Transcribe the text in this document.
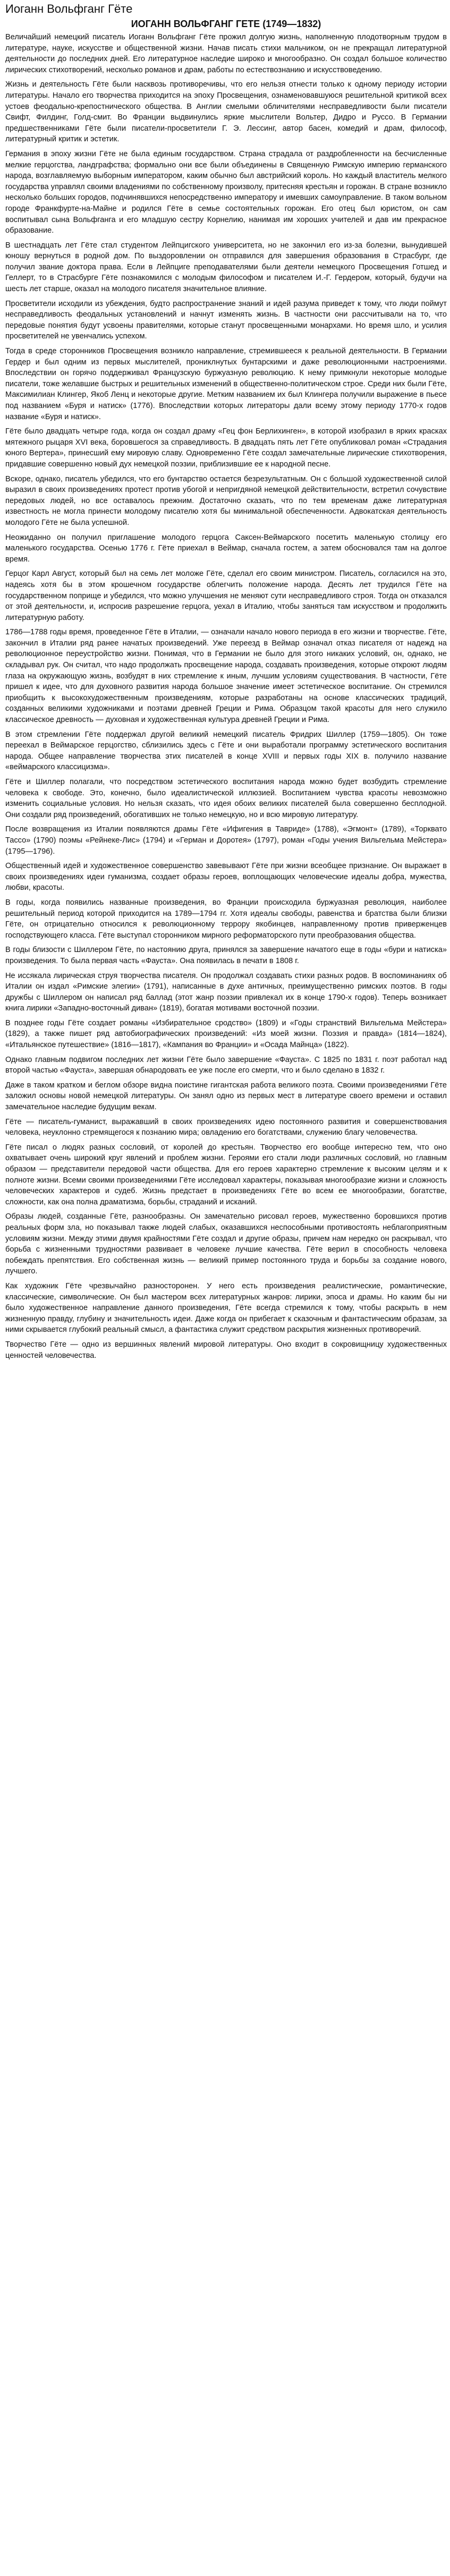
Иоганн Вольфганг Гёте
ИОГАНН ВОЛЬФГАНГ ГЕТЕ (1749—1832)

Величайший немецкий писатель Иоганн Вольфганг Гёте прожил долгую жизнь, наполненную плодотворным трудом в литературе, науке, искусстве и общественной жизни. Начав писать стихи мальчиком, он не прекращал литературной деятельности до последних дней. Его литературное наследие широко и многообразно. Он создал большое количество лирических стихотворений, несколько романов и драм, работы по естествознанию и искусствоведению.

Жизнь и деятельность Гёте были насквозь противоречивы, что его нельзя отнести только к одному периоду истории литературы. Начало его творчества приходится на эпоху Просвещения, ознаменовавшуюся решительной критикой всех устоев феодально-крепостнического общества. В Англии смелыми обличителями несправедливости были писатели Свифт, Филдинг, Голд-смит. Во Франции выдвинулись яркие мыслители Вольтер, Дидро и Руссо. В Германии предшественниками Гёте были писатели-просветители Г. Э. Лессинг, автор басен, комедий и драм, философ, литературный критик и эстетик.

Германия в эпоху жизни Гёте не была единым государством. Страна страдала от раздробленности на бесчисленные мелкие герцогства, ландграфства; формально они все были объединены в Священную Римскую империю германского народа, возглавляемую выборным императором, каким обычно был австрийский король. Но каждый властитель мелкого государства управлял своими владениями по собственному произволу, притесняя крестьян и горожан. В стране возникло несколько больших городов, подчинявшихся непосредственно императору и имевших самоуправление. В таком вольном городе Франкфурте-на-Майне и родился Гёте в семье состоятельных горожан. Его отец был юристом, он сам воспитывал сына Вольфганга и его младшую сестру Корнелию, нанимая им хороших учителей и дав им прекрасное образование.

В шестнадцать лет Гёте стал студентом Лейпцигского университета, но не закончил его из-за болезни, вынудившей юношу вернуться в родной дом. По выздоровлении он отправился для завершения образования в Страсбург, где получил звание доктора права. Если в Лейпциге преподавателями были деятели немецкого Просвещения Готшед и Геллерт, то в Страсбурге Гёте познакомился с молодым философом и писателем И.-Г. Гердером, который, будучи на шесть лет старше, оказал на молодого писателя значительное влияние.

Просветители исходили из убеждения, будто распространение знаний и идей разума приведет к тому, что люди поймут несправедливость феодальных установлений и начнут изменять жизнь. В частности они рассчитывали на то, что передовые понятия будут усвоены правителями, которые станут просвещенными монархами. Но время шло, и усилия просветителей не увенчались успехом.

Тогда в среде сторонников Просвещения возникло направление, стремившееся к реальной деятельности. В Германии Гердер и был одним из первых мыслителей, прониклнутых бунтарскими и даже революционными настроениями. Впоследствии он горячо поддерживал Французскую буржуазную революцию. К нему примкнули некоторые молодые писатели, тоже желавшие быстрых и решительных изменений в общественно-политическом строе. Среди них были Гёте, Максимилиан Клингер, Якоб Ленц и некоторые другие. Метким названием их был Клингера получили выражение в пьесе под названием «Буря и натиск» (1776). Впоследствии которых литераторы дали всему этому периоду 1770-х годов название «Буря и натиск».

Гёте было двадцать четыре года, когда он создал драму «Гец фон Берлихинген», в которой изобразил в ярких красках мятежного рыцаря XVI века, боровшегося за справедливость. В двадцать пять лет Гёте опубликовал роман «Страдания юного Вертера», принесший ему мировую славу. Одновременно Гёте создал замечательные лирические стихотворения, придавшие совершенно новый дух немецкой поэзии, приблизившие ее к народной песне.

Вскоре, однако, писатель убедился, что его бунтарство остается безрезультатным. Он с большой художественной силой выразил в своих произведениях протест против убогой и непригдяной немецкой действительности, встретил сочувствие передовых людей, но все оставалось прежним. Достаточно сказать, что по тем временам даже литературная известность не могла принести молодому писателю хотя бы минимальной обеспеченности. Адвокатская деятельность молодого Гёте не была успешной.

Неожиданно он получил приглашение молодого герцога Саксен-Веймарского посетить маленькую столицу его маленького государства. Осенью 1776 г. Гёте приехал в Веймар, сначала гостем, а затем обосновался там на долгое время.

Герцог Карл Август, который был на семь лет моложе Гёте, сделал его своим министром. Писатель, согласился на это, надеясь хотя бы в этом крошечном государстве облегчить положение народа. Десять лет трудился Гёте на государственном поприще и убедился, что можно улучшения не меняют сути несправедливого строя. Тогда он отказался от этой деятельности, и, испросив разрешение герцога, уехал в Италию, чтобы заняться там искусством и продолжить литературную работу.

1786—1788 годы время, проведенное Гёте в Италии, — означали начало нового периода в его жизни и творчестве. Гёте, закончил в Италии ряд ранее начатых произведений. Уже переезд в Веймар означал отказ писателя от надежд на революционное переустройство жизни. Понимая, что в Германии не было для этого никаких условий, он, однако, не складывал рук. Он считал, что надо продолжать просвещение народа, создавать произведения, которые откроют людям глаза на окружающую жизнь, возбудят в них стремление к иным, лучшим условиям существования. В частности, Гёте пришел к идее, что для духовного развития народа большое значение имеет эстетическое воспитание. Он стремился приобщить к высокохудожественным произведениям, которые разработаны на основе классических традиций, созданных великими художниками и поэтами древней Греции и Рима. Образцом такой красоты для него служило классическое древность — духовная и художественная культура древней Греции и Рима.

В этом стремлении Гёте поддержал другой великий немецкий писатель Фридрих Шиллер (1759—1805). Он тоже переехал в Веймарское герцогство, сблизились здесь с Гёте и они выработали программу эстетического воспитания народа. Общее направление творчества этих писателей в конце XVIII и первых годы XIX в. получило название «веймарского классицизма».

Гёте и Шиллер полагали, что посредством эстетического воспитания народа можно будет возбудить стремление человека к свободе. Это, конечно, было идеалистической иллюзией. Воспитанием чувства красоты невозможно изменить социальные условия. Но нельзя сказать, что идея обоих великих писателей была совершенно бесплодной. Они создали ряд произведений, обогативших не только немецкую, но и всю мировую литературу.

После возвращения из Италии появляются драмы Гёте «Ифигения в Тавриде» (1788), «Эгмонт» (1789), «Торквато Тассо» (1790) поэмы «Рейнеке-Лис» (1794) и «Герман и Доротея» (1797), роман «Годы учения Вильгельма Мейстера» (1795—1796).

Общественный идей и художественное совершенство завевывают Гёте при жизни всеобщее признание. Он выражает в своих произведениях идеи гуманизма, создает образы героев, воплощающих человеческие идеалы добра, мужества, любви, красоты.

В годы, когда появились названные произведения, во Франции происходила буржуазная революция, наиболее решительный период которой приходится на 1789—1794 гг. Хотя идеалы свободы, равенства и братства были близки Гёте, он отрицательно относился к революционному террору якобинцев, направленному против приверженцев господствующего класса. Гёте выступал сторонником мирного реформаторского пути преобразования общества.

В годы близости с Шиллером Гёте, по настоянию друга, принялся за завершение начатого еще в годы «бури и натиска» произведения. То была первая часть «Фауста». Она появилась в печати в 1808 г.

Не иссякала лирическая струя творчества писателя. Он продолжал создавать стихи разных родов. В воспоминаниях об Италии он издал «Римские элегии» (1791), написанные в духе античных, преимущественно римских поэтов. В годы дружбы с Шиллером он написал ряд баллад (этот жанр поэзии привлекал их в конце 1790-х годов). Теперь возникает книга лирики «Западно-восточный диван» (1819), богатая мотивами восточной поэзии.

В позднее годы Гёте создает романы «Избирательное сродство» (1809) и «Годы странствий Вильгельма Мейстера» (1829), а также пишет ряд автобиографических произведений: «Из моей жизни. Поэзия и правда» (1814—1824), «Итальянское путешествие» (1816—1817), «Кампания во Франции» и «Осада Майнца» (1822).

Однако главным подвигом последних лет жизни Гёте было завершение «Фауста». С 1825 по 1831 г. поэт работал над второй частью «Фауста», завершая обнародовать ее уже после его смерти, что и было сделано в 1832 г.

Даже в таком кратком и беглом обзоре видна поистине гигантская работа великого поэта. Своими произведениями Гёте заложил основы новой немецкой литературы. Он занял одно из первых мест в литературе своего времени и оставил замечательное наследие будущим векам.

Гёте — писатель-гуманист, выражавший в своих произведениях идею постоянного развития и совершенствования человека, неуклонно стремящегося к познанию мира; овладению его богатствами, служению благу человечества.

Гёте писал о людях разных сословий, от королей до крестьян. Творчество его вообще интересно тем, что оно охватывает очень широкий круг явлений и проблем жизни. Героями его стали люди различных сословий, но главным образом — представители передовой части общества. Для его героев характерно стремление к высоким целям и к полноте жизни. Всеми своими произведениями Гёте исследовал характеры, показывая многообразие жизни и сложность человеческих характеров и судеб. Жизнь предстает в произведениях Гёте во всем ее многообразии, богатстве, сложности, как она полна драматизма, борьбы, страданий и исканий.

Образы людей, созданные Гёте, разнообразны. Он замечательно рисовал героев, мужественно боровшихся против реальных форм зла, но показывал также людей слабых, оказавшихся неспособными противостоять неблагоприятным условиям жизни. Между этими двумя крайностями Гёте создал и другие образы, причем нам нередко он раскрывал, что борьба с жизненными трудностями развивает в человеке лучшие качества. Гёте верил в способность человека побеждать препятствия. Его собственная жизнь — великий пример постоянного труда и борьбы за создание нового, лучшего.

Как художник Гёте чрезвычайно разносторонен. У него есть произведения реалистические, романтические, классические, символические. Он был мастером всех литературных жанров: лирики, эпоса и драмы. Но каким бы ни было художественное направление данного произведения, Гёте всегда стремился к тому, чтобы раскрыть в нем жизненную правду, глубину и значительность идеи. Даже когда он прибегает к сказочным и фантастическим образам, за ними скрывается глубокий реальный смысл, а фантастика служит средством раскрытия жизненных противоречий.

Творчество Гёте — одно из вершинных явлений мировой литературы. Оно входит в сокровищницу художественных ценностей человечества.
